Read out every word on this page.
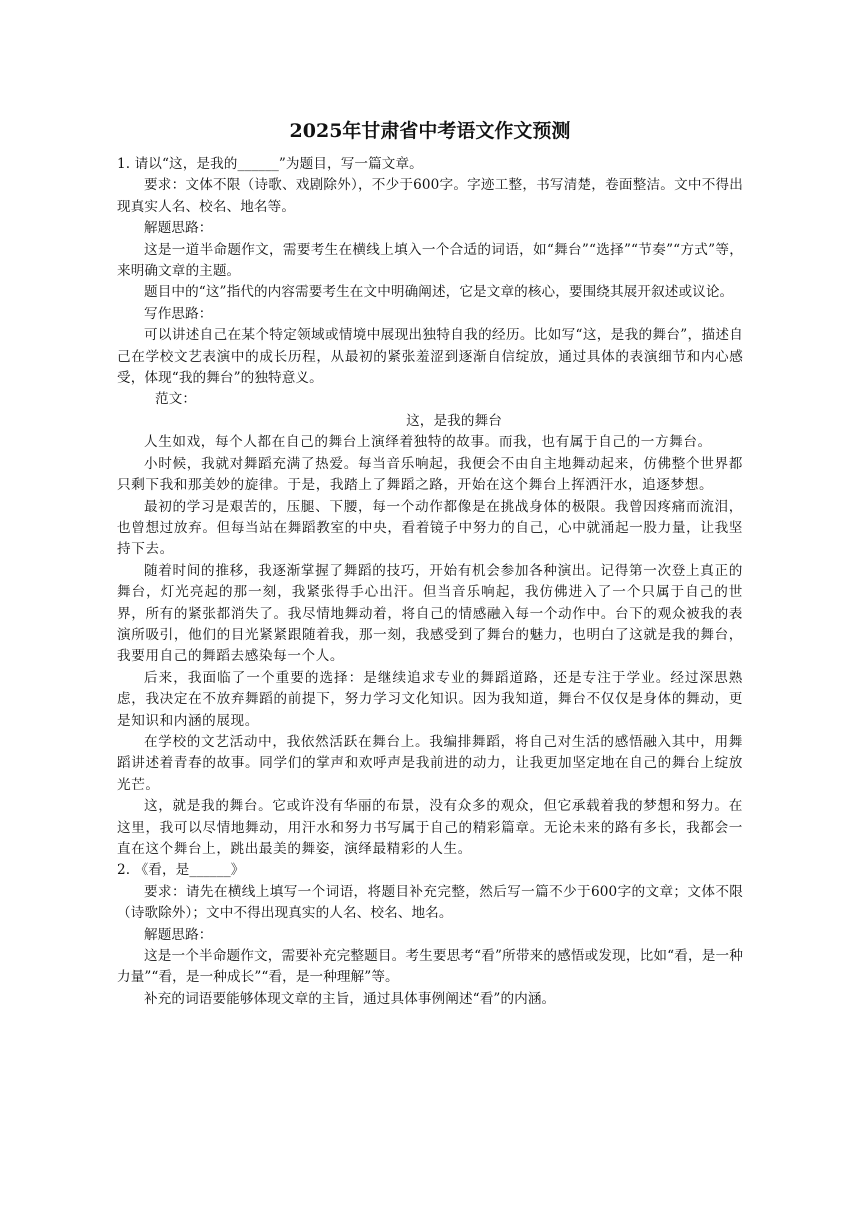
2025年甘肃省中考语文作文预测

1. 请以“这，是我的______”为题目，写一篇文章。

要求：文体不限（诗歌、戏剧除外），不少于600字。字迹工整，书写清楚，卷面整洁。文中不得出现真实人名、校名、地名等。

解题思路：

这是一道半命题作文，需要考生在横线上填入一个合适的词语，如“舞台”“选择”“节奏”“方式”等，来明确文章的主题。

题目中的“这”指代的内容需要考生在文中明确阐述，它是文章的核心，要围绕其展开叙述或议论。

写作思路：

可以讲述自己在某个特定领域或情境中展现出独特自我的经历。比如写“这，是我的舞台”，描述自己在学校文艺表演中的成长历程，从最初的紧张羞涩到逐渐自信绽放，通过具体的表演细节和内心感受，体现“我的舞台”的独特意义。

范文：

这，是我的舞台

人生如戏，每个人都在自己的舞台上演绎着独特的故事。而我，也有属于自己的一方舞台。

小时候，我就对舞蹈充满了热爱。每当音乐响起，我便会不由自主地舞动起来，仿佛整个世界都只剩下我和那美妙的旋律。于是，我踏上了舞蹈之路，开始在这个舞台上挥洒汗水，追逐梦想。

最初的学习是艰苦的，压腿、下腰，每一个动作都像是在挑战身体的极限。我曾因疼痛而流泪，也曾想过放弃。但每当站在舞蹈教室的中央，看着镜子中努力的自己，心中就涌起一股力量，让我坚持下去。

随着时间的推移，我逐渐掌握了舞蹈的技巧，开始有机会参加各种演出。记得第一次登上真正的舞台，灯光亮起的那一刻，我紧张得手心出汗。但当音乐响起，我仿佛进入了一个只属于自己的世界，所有的紧张都消失了。我尽情地舞动着，将自己的情感融入每一个动作中。台下的观众被我的表演所吸引，他们的目光紧紧跟随着我，那一刻，我感受到了舞台的魅力，也明白了这就是我的舞台，我要用自己的舞蹈去感染每一个人。

后来，我面临了一个重要的选择：是继续追求专业的舞蹈道路，还是专注于学业。经过深思熟虑，我决定在不放弃舞蹈的前提下，努力学习文化知识。因为我知道，舞台不仅仅是身体的舞动，更是知识和内涵的展现。

在学校的文艺活动中，我依然活跃在舞台上。我编排舞蹈，将自己对生活的感悟融入其中，用舞蹈讲述着青春的故事。同学们的掌声和欢呼声是我前进的动力，让我更加坚定地在自己的舞台上绽放光芒。

这，就是我的舞台。它或许没有华丽的布景，没有众多的观众，但它承载着我的梦想和努力。在这里，我可以尽情地舞动，用汗水和努力书写属于自己的精彩篇章。无论未来的路有多长，我都会一直在这个舞台上，跳出最美的舞姿，演绎最精彩的人生。

2. 《看，是______》

要求：请先在横线上填写一个词语，将题目补充完整，然后写一篇不少于600字的文章；文体不限（诗歌除外）；文中不得出现真实的人名、校名、地名。

解题思路：

这是一个半命题作文，需要补充完整题目。考生要思考“看”所带来的感悟或发现，比如“看，是一种力量”“看，是一种成长”“看，是一种理解”等。

补充的词语要能够体现文章的主旨，通过具体事例阐述“看”的内涵。
